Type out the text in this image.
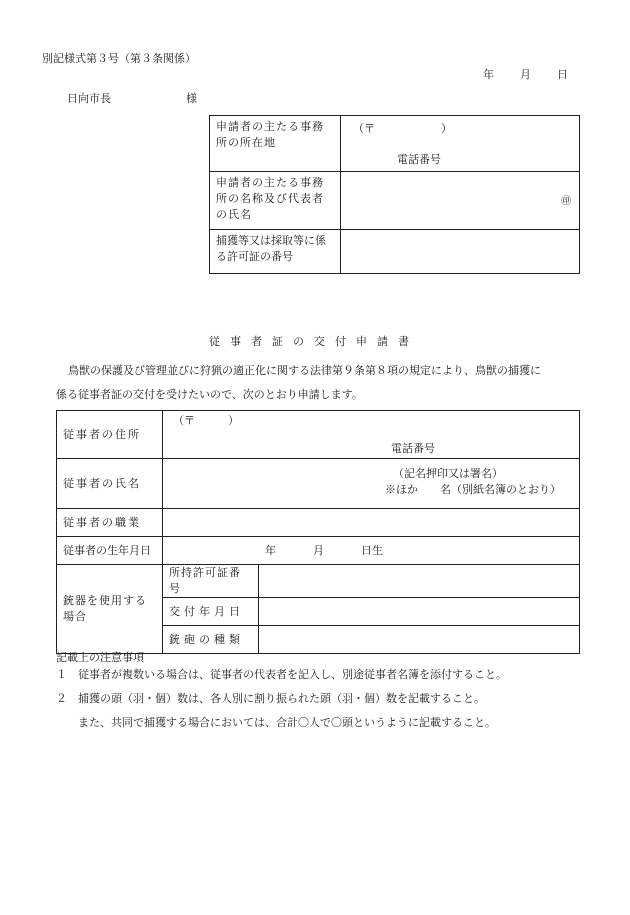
別記様式第３号（第３条関係）
年 月 日
日向市長	様
申請者の主たる事務所の所在地	（〒　　　　　　）
電話番号

申請者の主たる事務所の名称及び代表者の氏名	㊞

捕獲等又は採取等に係る許可証の番号	
従事者証の交付申請書
鳥獣の保護及び管理並びに狩猟の適正化に関する法律第９条第８項の規定により、鳥獣の捕獲に
係る従事者証の交付を受けたいので、次のとおり申請します。
従事者の住所	（〒　　　）
電話番号	

従事者の氏名	（記名押印又は署名）
※ほか　　名（別紙名簿のとおり）	

従事者の職業		
従事者の生年月日	年 月 日生	

銃器を使用する場合	所持許可証番号	
	交付年月日	
	銃砲の種類	
記載上の注意事項
１　従事者が複数いる場合は、従事者の代表者を記入し、別途従事者名簿を添付すること。
２　捕獲の頭（羽・個）数は、各人別に割り振られた頭（羽・個）数を記載すること。
　　また、共同で捕獲する場合においては、合計〇人で〇頭というように記載すること。
